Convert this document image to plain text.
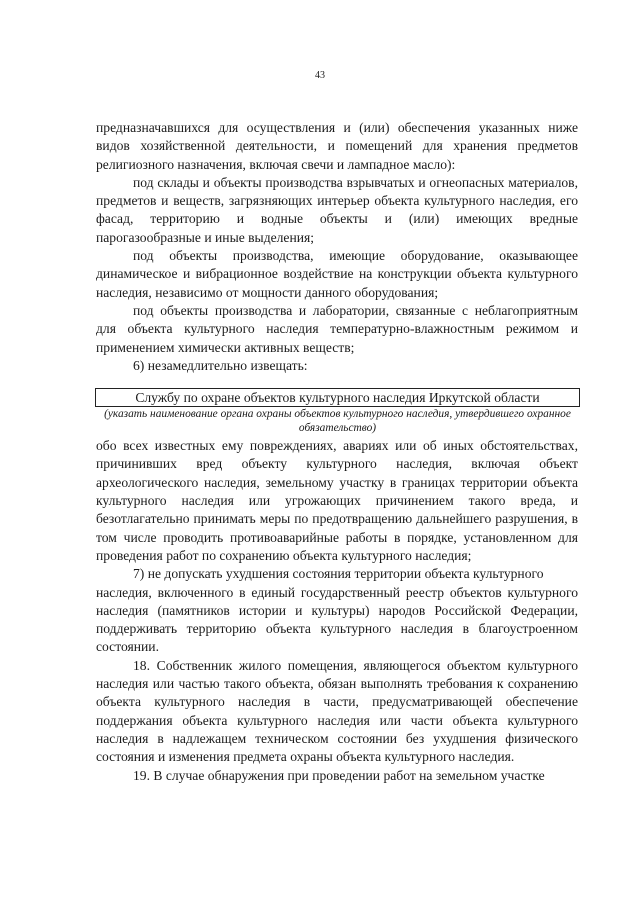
43

предназначавшихся для осуществления и (или) обеспечения указанных ниже видов хозяйственной деятельности, и помещений для хранения предметов религиозного назначения, включая свечи и лампадное масло):

под склады и объекты производства взрывчатых и огнеопасных материалов, предметов и веществ, загрязняющих интерьер объекта культурного наследия, его фасад, территорию и водные объекты и (или) имеющих вредные парогазообразные и иные выделения;

под объекты производства, имеющие оборудование, оказывающее динамическое и вибрационное воздействие на конструкции объекта культурного наследия, независимо от мощности данного оборудования;

под объекты производства и лаборатории, связанные с неблагоприятным для объекта культурного наследия температурно-влажностным режимом и применением химически активных веществ;

6) незамедлительно извещать:

Службу по охране объектов культурного наследия Иркутской области
(указать наименование органа охраны объектов культурного наследия, утвердившего охранное обязательство)

обо всех известных ему повреждениях, авариях или об иных обстоятельствах, причинивших вред объекту культурного наследия, включая объект археологического наследия, земельному участку в границах территории объекта культурного наследия или угрожающих причинением такого вреда, и безотлагательно принимать меры по предотвращению дальнейшего разрушения, в том числе проводить противоаварийные работы в порядке, установленном для проведения работ по сохранению объекта культурного наследия;

7) не допускать ухудшения состояния территории объекта культурного

наследия, включенного в единый государственный реестр объектов культурного наследия (памятников истории и культуры) народов Российской Федерации, поддерживать территорию объекта культурного наследия в благоустроенном состоянии.

18. Собственник жилого помещения, являющегося объектом культурного наследия или частью такого объекта, обязан выполнять требования к сохранению объекта культурного наследия в части, предусматривающей обеспечение поддержания объекта культурного наследия или части объекта культурного наследия в надлежащем техническом состоянии без ухудшения физического состояния и изменения предмета охраны объекта культурного наследия.

19. В случае обнаружения при проведении работ на земельном участке
